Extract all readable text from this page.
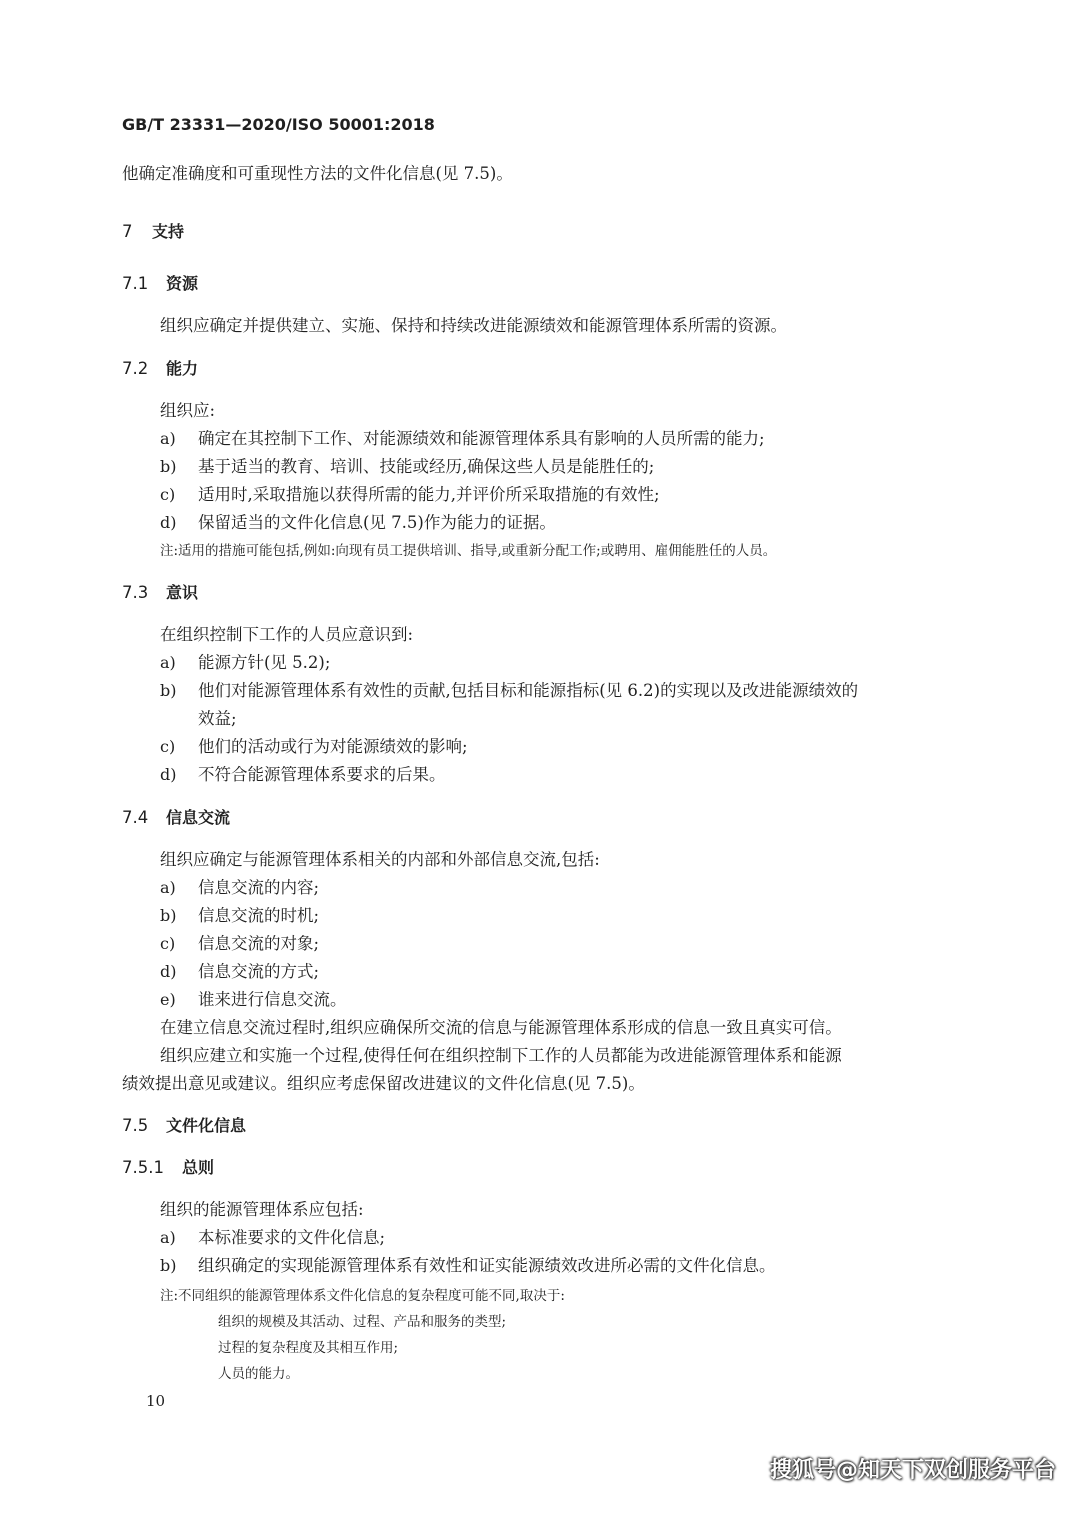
GB/T 23331—2020/ISO 50001:2018
他确定准确度和可重现性方法的文件化信息(见 7.5)。
7 支持
7.1 资源
组织应确定并提供建立、实施、保持和持续改进能源绩效和能源管理体系所需的资源。
7.2 能力
组织应:
a) 确定在其控制下工作、对能源绩效和能源管理体系具有影响的人员所需的能力;
b) 基于适当的教育、培训、技能或经历,确保这些人员是能胜任的;
c) 适用时,采取措施以获得所需的能力,并评价所采取措施的有效性;
d) 保留适当的文件化信息(见 7.5)作为能力的证据。
注:适用的措施可能包括,例如:向现有员工提供培训、指导,或重新分配工作;或聘用、雇佣能胜任的人员。
7.3 意识
在组织控制下工作的人员应意识到:
a) 能源方针(见 5.2);
b) 他们对能源管理体系有效性的贡献,包括目标和能源指标(见 6.2)的实现以及改进能源绩效的
效益;
c) 他们的活动或行为对能源绩效的影响;
d) 不符合能源管理体系要求的后果。
7.4 信息交流
组织应确定与能源管理体系相关的内部和外部信息交流,包括:
a) 信息交流的内容;
b) 信息交流的时机;
c) 信息交流的对象;
d) 信息交流的方式;
e) 谁来进行信息交流。
在建立信息交流过程时,组织应确保所交流的信息与能源管理体系形成的信息一致且真实可信。
组织应建立和实施一个过程,使得任何在组织控制下工作的人员都能为改进能源管理体系和能源
绩效提出意见或建议。组织应考虑保留改进建议的文件化信息(见 7.5)。
7.5 文件化信息
7.5.1 总则
组织的能源管理体系应包括:
a) 本标准要求的文件化信息;
b) 组织确定的实现能源管理体系有效性和证实能源绩效改进所必需的文件化信息。
注:不同组织的能源管理体系文件化信息的复杂程度可能不同,取决于:
组织的规模及其活动、过程、产品和服务的类型;
过程的复杂程度及其相互作用;
人员的能力。
10
搜狐号@知天下双创服务平台
